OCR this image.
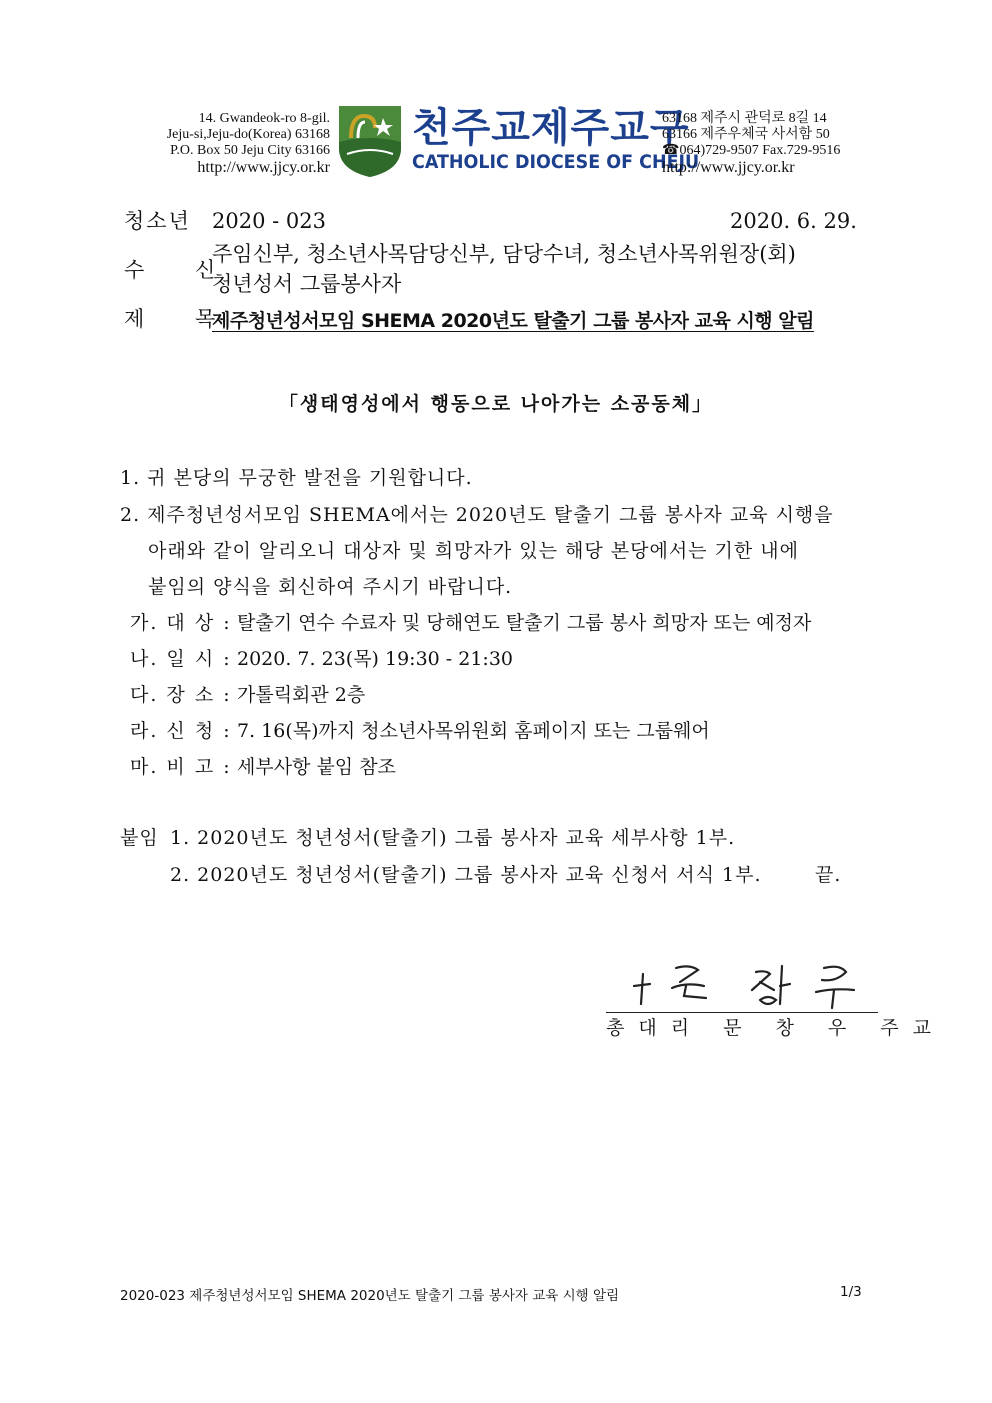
14. Gwandeok-ro 8-gil.
Jeju-si,Jeju-do(Korea) 63168
P.O. Box 50 Jeju City 63166
http://www.jjcy.or.kr
천주교제주교구
CATHOLIC DIOCESE OF CHEJU
63168 제주시 관덕로 8길 14
63166 제주우체국 사서함 50
☎064)729-9507 Fax.729-9516
http://www.jjcy.or.kr
청소년 2020 - 023	2020. 6. 29.
수 신
주임신부, 청소년사목담당신부, 담당수녀, 청소년사목위원장(회)
청년성서 그룹봉사자
제 목
제주청년성서모임 SHEMA 2020년도 탈출기 그룹 봉사자 교육 시행 알림
「생태영성에서 행동으로 나아가는 소공동체」
1. 귀 본당의 무궁한 발전을 기원합니다.
2. 제주청년성서모임 SHEMA에서는 2020년도 탈출기 그룹 봉사자 교육 시행을
아래와 같이 알리오니 대상자 및 희망자가 있는 해당 본당에서는 기한 내에
붙임의 양식을 회신하여 주시기 바랍니다.
가. 대 상 : 탈출기 연수 수료자 및 당해연도 탈출기 그룹 봉사 희망자 또는 예정자
나. 일 시 : 2020. 7. 23(목) 19:30 - 21:30
다. 장 소 : 가톨릭회관 2층
라. 신 청 : 7. 16(목)까지 청소년사목위원회 홈페이지 또는 그룹웨어
마. 비 고 : 세부사항 붙임 참조
붙임 1. 2020년도 청년성서(탈출기) 그룹 봉사자 교육 세부사항 1부.
2. 2020년도 청년성서(탈출기) 그룹 봉사자 교육 신청서 서식 1부.	끝.
총대리 문 창 우 주교
2020-023 제주청년성서모임 SHEMA 2020년도 탈출기 그룹 봉사자 교육 시행 알림	1/3
